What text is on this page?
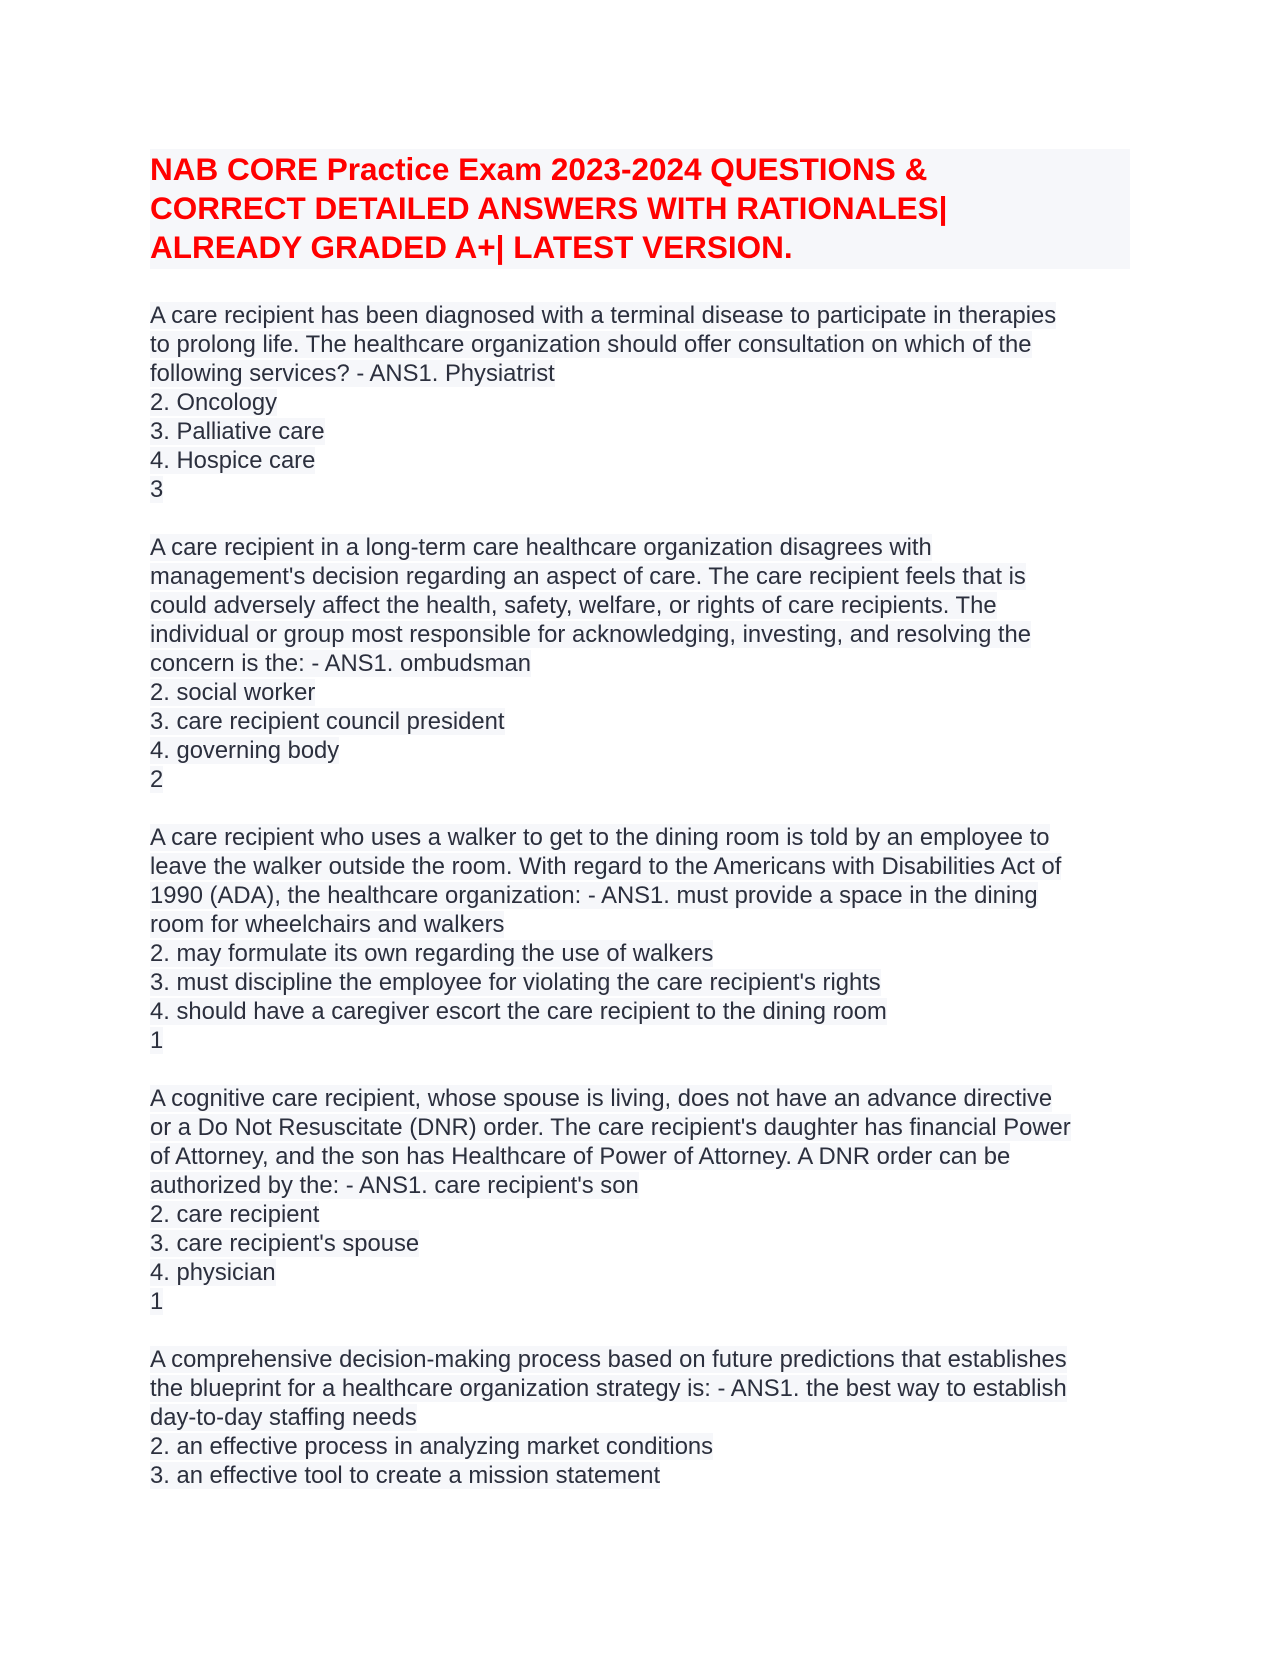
NAB CORE Practice Exam 2023-2024 QUESTIONS &
CORRECT DETAILED ANSWERS WITH RATIONALES|
ALREADY GRADED A+| LATEST VERSION.

A care recipient has been diagnosed with a terminal disease to participate in therapies

to prolong life. The healthcare organization should offer consultation on which of the

following services? - ANS1. Physiatrist

2. Oncology

3. Palliative care

4. Hospice care

3

A care recipient in a long-term care healthcare organization disagrees with

management's decision regarding an aspect of care. The care recipient feels that is

could adversely affect the health, safety, welfare, or rights of care recipients. The

individual or group most responsible for acknowledging, investing, and resolving the

concern is the: - ANS1. ombudsman

2. social worker

3. care recipient council president

4. governing body

2

A care recipient who uses a walker to get to the dining room is told by an employee to

leave the walker outside the room. With regard to the Americans with Disabilities Act of

1990 (ADA), the healthcare organization: - ANS1. must provide a space in the dining

room for wheelchairs and walkers

2. may formulate its own regarding the use of walkers

3. must discipline the employee for violating the care recipient's rights

4. should have a caregiver escort the care recipient to the dining room

1

A cognitive care recipient, whose spouse is living, does not have an advance directive

or a Do Not Resuscitate (DNR) order. The care recipient's daughter has financial Power

of Attorney, and the son has Healthcare of Power of Attorney. A DNR order can be

authorized by the: - ANS1. care recipient's son

2. care recipient

3. care recipient's spouse

4. physician

1

A comprehensive decision-making process based on future predictions that establishes

the blueprint for a healthcare organization strategy is: - ANS1. the best way to establish

day-to-day staffing needs

2. an effective process in analyzing market conditions

3. an effective tool to create a mission statement
